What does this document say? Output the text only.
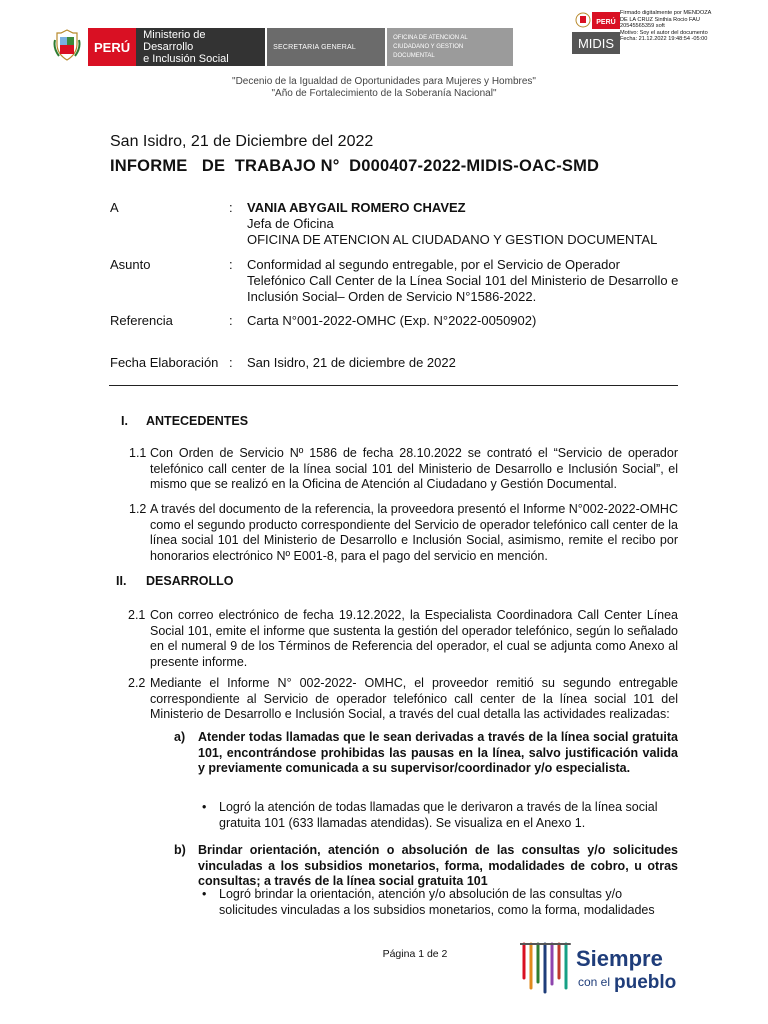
PERÚ
Ministerio de Desarrollo
e Inclusión Social
SECRETARIA GENERAL
OFICINA DE ATENCION AL
CIUDADANO Y GESTION
DOCUMENTAL
PERÚ
MIDIS
Firmado digitalmente por MENDOZA
DE LA CRUZ Sinthia Rocio FAU
20545565359 soft
Motivo: Soy el autor del documento
Fecha: 21.12.2022 19:48:54 -05:00
"Decenio de la Igualdad de Oportunidades para Mujeres y Hombres"
"Año de Fortalecimiento de la Soberanía Nacional"
San Isidro, 21 de Diciembre del 2022
INFORME   DE  TRABAJO N°  D000407-2022-MIDIS-OAC-SMD
A	: VANIA ABYGAIL ROMERO CHAVEZ
Jefa de Oficina
OFICINA DE ATENCION AL CIUDADANO Y GESTION DOCUMENTAL
Asunto	: Conformidad al segundo entregable, por el Servicio de Operador
Telefónico Call Center de la Línea Social 101 del Ministerio de Desarrollo e
Inclusión Social– Orden de Servicio N°1586-2022.
Referencia	: Carta N°001-2022-OMHC (Exp. N°2022-0050902)
Fecha Elaboración : San Isidro, 21 de diciembre de 2022
I. ANTECEDENTES
1.1 Con Orden de Servicio Nº 1586 de fecha 28.10.2022 se contrató el “Servicio de operador telefónico call center de la línea social 101 del Ministerio de Desarrollo e Inclusión Social”, el mismo que se realizó en la Oficina de Atención al Ciudadano y Gestión Documental.
1.2 A través del documento de la referencia, la proveedora presentó el Informe N°002-2022-OMHC como el segundo producto correspondiente del Servicio de operador telefónico call center de la línea social 101 del Ministerio de Desarrollo e Inclusión Social, asimismo, remite el recibo por honorarios electrónico Nº E001-8, para el pago del servicio en mención.
II. DESARROLLO
2.1 Con correo electrónico de fecha 19.12.2022, la Especialista Coordinadora Call Center Línea Social 101, emite el informe que sustenta la gestión del operador telefónico, según lo señalado en el numeral 9 de los Términos de Referencia del operador, el cual se adjunta como Anexo al presente informe.
2.2 Mediante el Informe N° 002-2022- OMHC, el proveedor remitió su segundo entregable correspondiente al Servicio de operador telefónico call center de la línea social 101 del Ministerio de Desarrollo e Inclusión Social, a través del cual detalla las actividades realizadas:
a) Atender todas llamadas que le sean derivadas a través de la línea social gratuita 101, encontrándose prohibidas las pausas en la línea, salvo justificación valida y previamente comunicada a su supervisor/coordinador y/o especialista.
• Logró la atención de todas llamadas que le derivaron a través de la línea social gratuita 101 (633 llamadas atendidas). Se visualiza en el Anexo 1.
b) Brindar orientación, atención o absolución de las consultas y/o solicitudes vinculadas a los subsidios monetarios, forma, modalidades de cobro, u otras consultas; a través de la línea social gratuita 101
• Logró brindar la orientación, atención y/o absolución de las consultas y/o solicitudes vinculadas a los subsidios monetarios, como la forma, modalidades
Página 1 de 2	Siempre
con el pueblo
